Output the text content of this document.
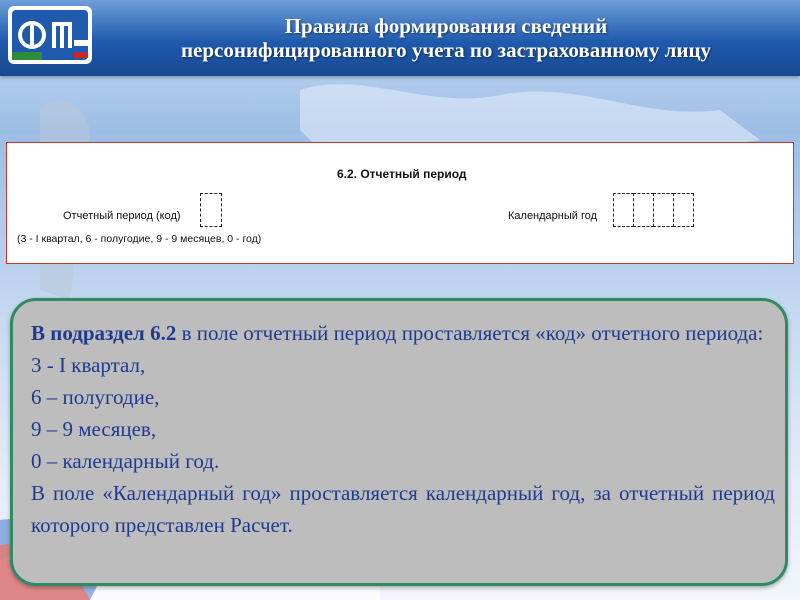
Правила формирования сведений
персонифицированного учета по застрахованному лицу
6.2. Отчетный период
Отчетный период (код)
(3 - I квартал, 6 - полугодие, 9 - 9 месяцев, 0 - год)
Календарный год

В подраздел 6.2 в поле отчетный период проставляется «код» отчетного периода:

3 - I квартал,

6 – полугодие,

9 – 9 месяцев,

0 – календарный год.

В поле «Календарный год» проставляется календарный год, за отчетный период которого представлен Расчет.
